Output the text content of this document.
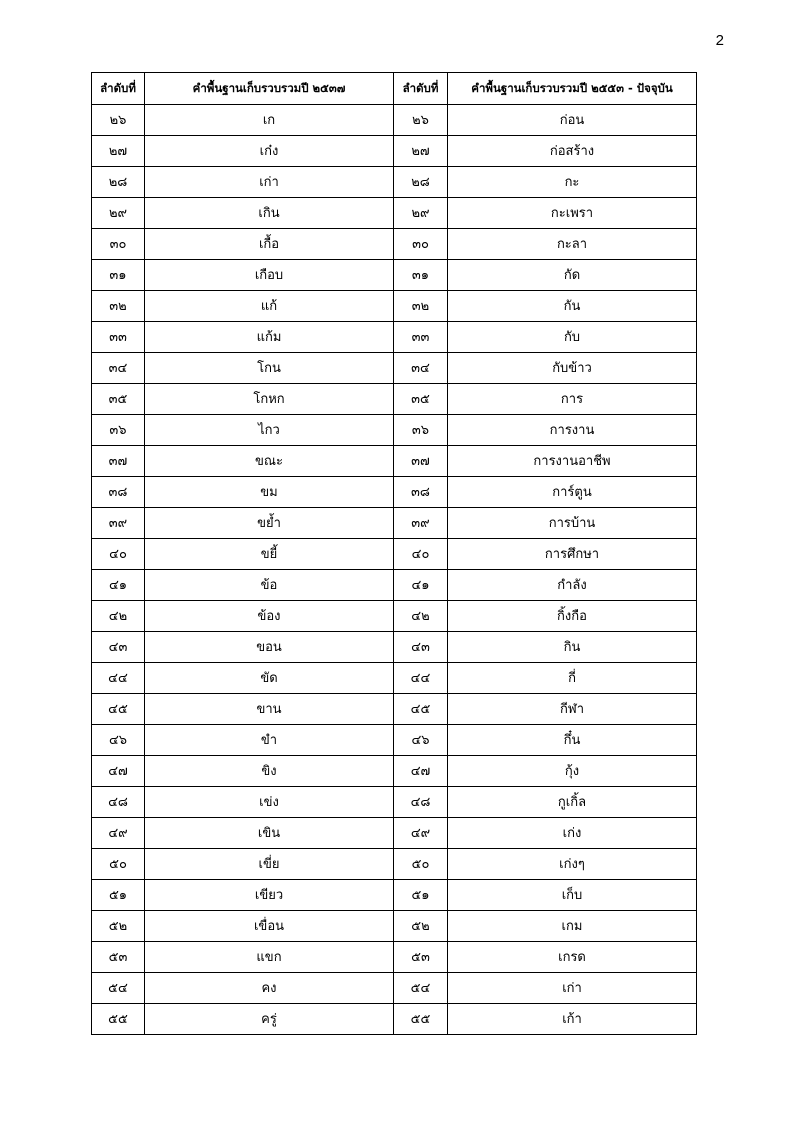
2
ลำดับที่	คำพื้นฐานเก็บรวบรวมปี ๒๕๓๗	ลำดับที่	คำพื้นฐานเก็บรวบรวมปี ๒๕๕๓ - ปัจจุบัน
๒๖	เก	๒๖	ก่อน
๒๗	เก๋ง	๒๗	ก่อสร้าง
๒๘	เก่า	๒๘	กะ
๒๙	เกิน	๒๙	กะเพรา
๓๐	เกื้อ	๓๐	กะลา
๓๑	เกือบ	๓๑	กัด
๓๒	แก้	๓๒	กัน
๓๓	แก้ม	๓๓	กับ
๓๔	โกน	๓๔	กับข้าว
๓๕	โกหก	๓๕	การ
๓๖	ไกว	๓๖	การงาน
๓๗	ขณะ	๓๗	การงานอาชีพ
๓๘	ขม	๓๘	การ์ตูน
๓๙	ขย้ำ	๓๙	การบ้าน
๔๐	ขยี้	๔๐	การศึกษา
๔๑	ข้อ	๔๑	กำลัง
๔๒	ข้อง	๔๒	กิ้งกือ
๔๓	ขอน	๔๓	กิน
๔๔	ขัด	๔๔	กี่
๔๕	ขาน	๔๕	กีฬา
๔๖	ขำ	๔๖	กึ๋น
๔๗	ขิง	๔๗	กุ้ง
๔๘	เข่ง	๔๘	กูเกิ้ล
๔๙	เขิน	๔๙	เก่ง
๕๐	เขี่ย	๕๐	เก่งๆ
๕๑	เขียว	๕๑	เก็บ
๕๒	เขื่อน	๕๒	เกม
๕๓	แขก	๕๓	เกรด
๕๔	คง	๕๔	เก่า
๕๕	ครู่	๕๕	เก้า
